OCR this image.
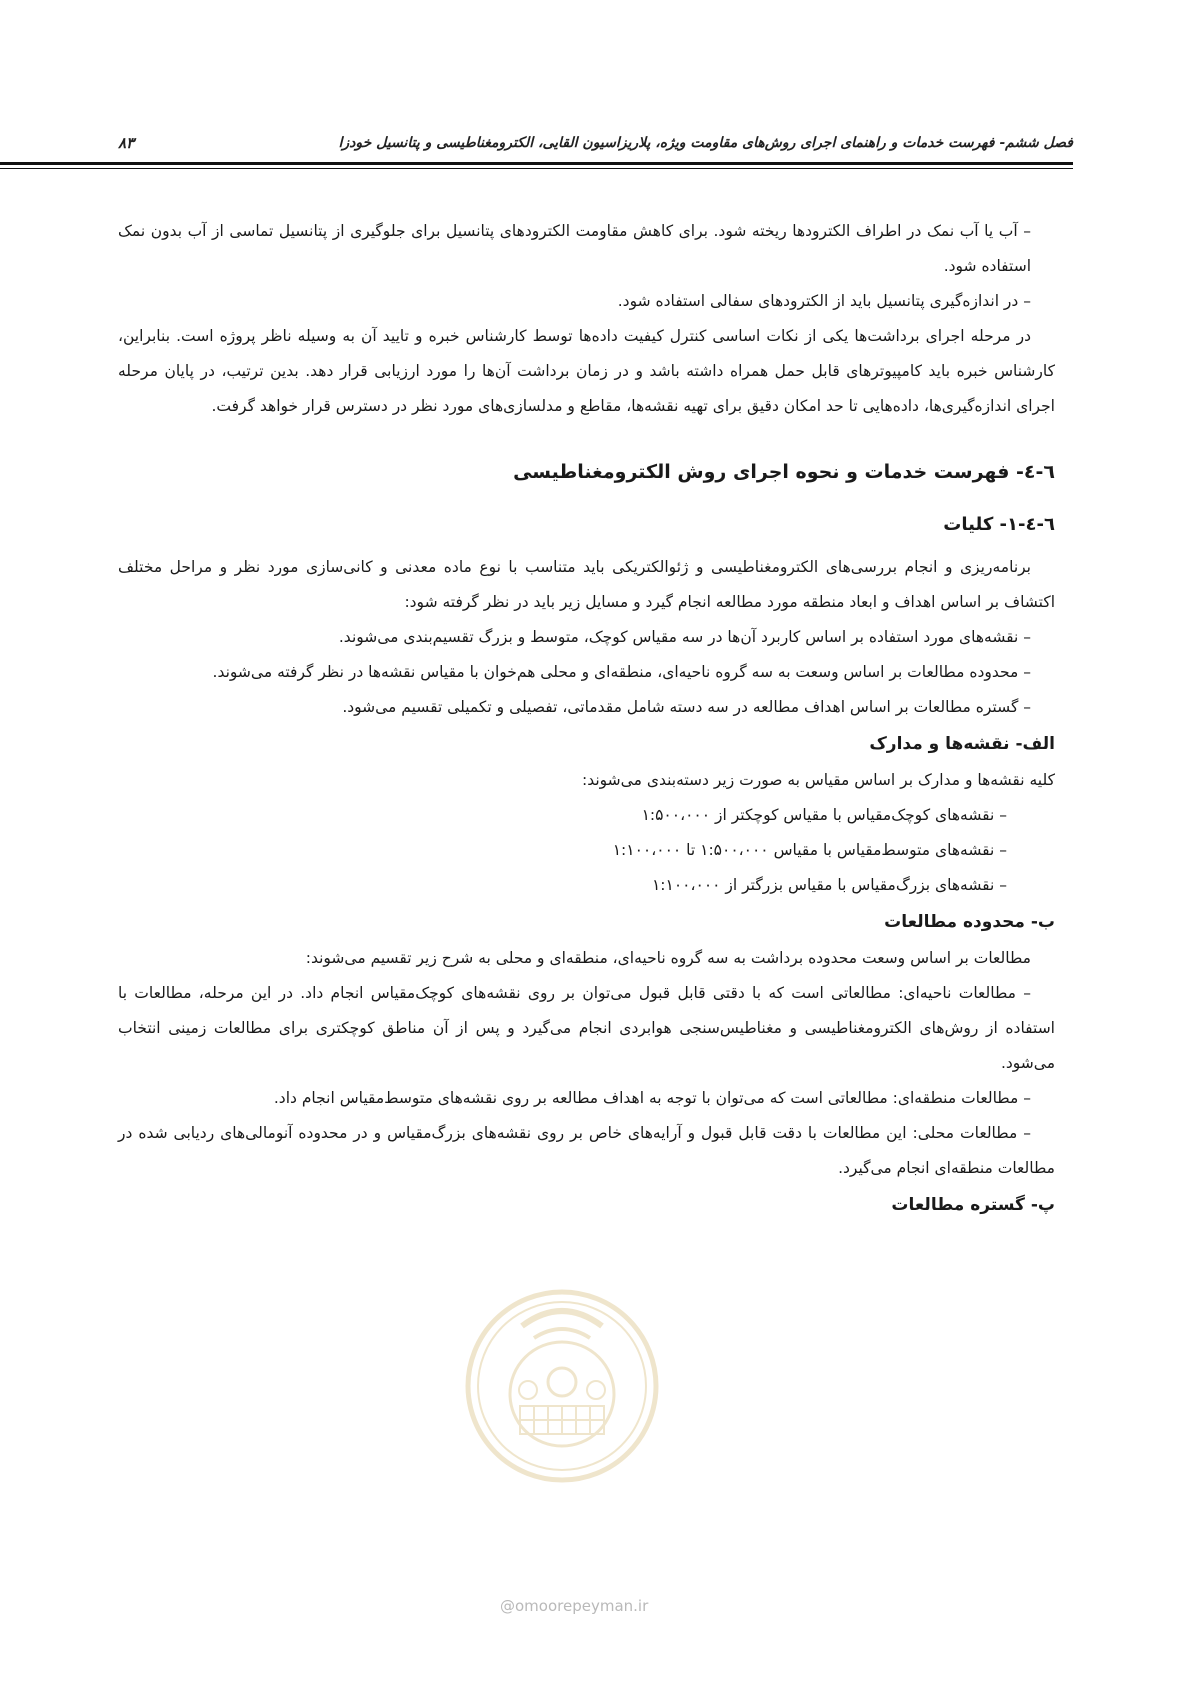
فصل ششم- فهرست خدمات و راهنمای اجرای روش‌های مقاومت ویژه، پلاریزاسیون القایی، الکترومغناطیسی و پتانسیل خودزا
۸۳

– آب یا آب نمک در اطراف الکترودها ریخته شود. برای کاهش مقاومت الکترودهای پتانسیل برای جلوگیری از پتانسیل تماسی از آب بدون نمک استفاده شود.

– در اندازه‌گیری پتانسیل باید از الکترودهای سفالی استفاده شود.

در مرحله اجرای برداشت‌ها یکی از نکات اساسی کنترل کیفیت داده‌ها توسط کارشناس خبره و تایید آن به وسیله ناظر پروژه است. بنابراین، کارشناس خبره باید کامپیوترهای قابل حمل همراه داشته باشد و در زمان برداشت آن‌ها را مورد ارزیابی قرار دهد. بدین ترتیب، در پایان مرحله اجرای اندازه‌گیری‌ها، داده‌هایی تا حد امکان دقیق برای تهیه نقشه‌ها، مقاطع و مدلسازی‌های مورد نظر در دسترس قرار خواهد گرفت.

٦-٤- فهرست خدمات و نحوه اجرای روش الکترومغناطیسی
٦-٤-١- کلیات

برنامه‌ریزی و انجام بررسی‌های الکترومغناطیسی و ژئوالکتریکی باید متناسب با نوع ماده معدنی و کانی‌سازی مورد نظر و مراحل مختلف اکتشاف بر اساس اهداف و ابعاد منطقه مورد مطالعه انجام گیرد و مسایل زیر باید در نظر گرفته شود:

– نقشه‌های مورد استفاده بر اساس کاربرد آن‌ها در سه مقیاس کوچک، متوسط و بزرگ تقسیم‌بندی می‌شوند.

– محدوده مطالعات بر اساس وسعت به سه گروه ناحیه‌ای، منطقه‌ای و محلی هم‌خوان با مقیاس نقشه‌ها در نظر گرفته می‌شوند.

– گستره مطالعات بر اساس اهداف مطالعه در سه دسته شامل مقدماتی، تفصیلی و تکمیلی تقسیم می‌شود.

الف- نقشه‌ها و مدارک

کلیه نقشه‌ها و مدارک بر اساس مقیاس به صورت زیر دسته‌بندی می‌شوند:

– نقشه‌های کوچک‌مقیاس با مقیاس کوچکتر از ۱:۵۰۰،۰۰۰

– نقشه‌های متوسط‌مقیاس با مقیاس ۱:۵۰۰،۰۰۰ تا ۱:۱۰۰،۰۰۰

– نقشه‌های بزرگ‌مقیاس با مقیاس بزرگتر از ۱:۱۰۰،۰۰۰

ب- محدوده مطالعات

مطالعات بر اساس وسعت محدوده برداشت به سه گروه ناحیه‌ای، منطقه‌ای و محلی به شرح زیر تقسیم می‌شوند:

– مطالعات ناحیه‌ای: مطالعاتی است که با دقتی قابل قبول می‌توان بر روی نقشه‌های کوچک‌مقیاس انجام داد. در این مرحله، مطالعات با استفاده از روش‌های الکترومغناطیسی و مغناطیس‌سنجی هوابردی انجام می‌گیرد و پس از آن مناطق کوچکتری برای مطالعات زمینی انتخاب می‌شود.

– مطالعات منطقه‌ای: مطالعاتی است که می‌توان با توجه به اهداف مطالعه بر روی نقشه‌های متوسط‌مقیاس انجام داد.

– مطالعات محلی: این مطالعات با دقت قابل قبول و آرایه‌های خاص بر روی نقشه‌های بزرگ‌مقیاس و در محدوده آنومالی‌های ردیابی شده در مطالعات منطقه‌ای انجام می‌گیرد.

پ- گستره مطالعات
@omoorepeyman.ir
